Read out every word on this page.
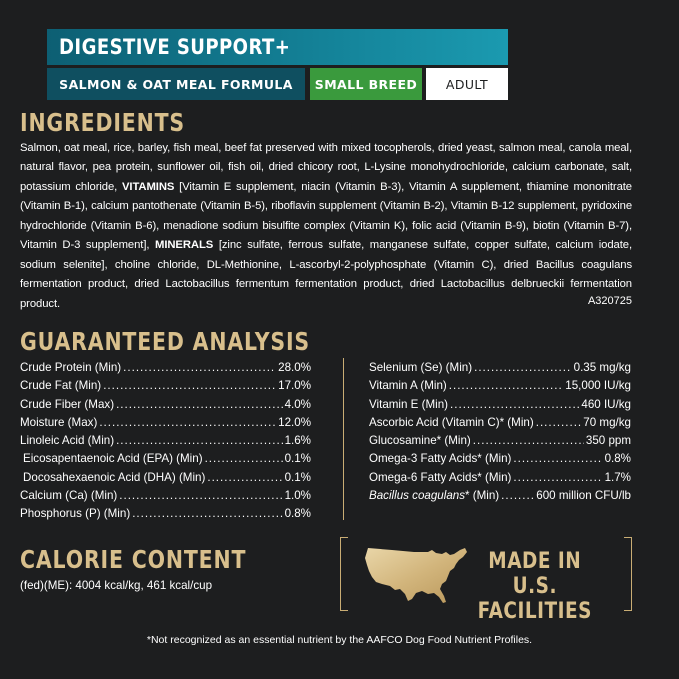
DIGESTIVE SUPPORT+
SALMON & OAT MEAL FORMULA	SMALL BREED	ADULT
INGREDIENTS
Salmon, oat meal, rice, barley, fish meal, beef fat preserved with mixed tocopherols, dried yeast, salmon meal, canola meal, natural flavor, pea protein, sunflower oil, fish oil, dried chicory root, L-Lysine monohydrochloride, calcium carbonate, salt, potassium chloride, VITAMINS [Vitamin E supplement, niacin (Vitamin B-3), Vitamin A supplement, thiamine mononitrate (Vitamin B-1), calcium pantothenate (Vitamin B-5), riboflavin supplement (Vitamin B-2), Vitamin B-12 supplement, pyridoxine hydrochloride (Vitamin B-6), menadione sodium bisulfite complex (Vitamin K), folic acid (Vitamin B-9), biotin (Vitamin B-7), Vitamin D-3 supplement], MINERALS [zinc sulfate, ferrous sulfate, manganese sulfate, copper sulfate, calcium iodate, sodium selenite], choline chloride, DL-Methionine, L-ascorbyl-2-polyphosphate (Vitamin C), dried Bacillus coagulans fermentation product, dried Lactobacillus fermentum fermentation product, dried Lactobacillus delbrueckii fermentation product.	A320725
GUARANTEED ANALYSIS
Crude Protein (Min) .....	28.0%
Crude Fat (Min) .....	17.0%
Crude Fiber (Max) .....	4.0%
Moisture (Max) .....	12.0%
Linoleic Acid (Min) .....	1.6%
Eicosapentaenoic Acid (EPA) (Min) .....	0.1%
Docosahexaenoic Acid (DHA) (Min) .....	0.1%
Calcium (Ca) (Min) .....	1.0%
Phosphorus (P) (Min) .....	0.8%
Selenium (Se) (Min) .....	0.35 mg/kg
Vitamin A (Min) .....	15,000 IU/kg
Vitamin E (Min) .....	460 IU/kg
Ascorbic Acid (Vitamin C)* (Min) .....	70 mg/kg
Glucosamine* (Min) .....	350 ppm
Omega-3 Fatty Acids* (Min) .....	0.8%
Omega-6 Fatty Acids* (Min) .....	1.7%
Bacillus coagulans* (Min) .....	600 million CFU/lb
CALORIE CONTENT
(fed)(ME): 4004 kcal/kg, 461 kcal/cup
MADE IN U.S.
FACILITIES
*Not recognized as an essential nutrient by the AAFCO Dog Food Nutrient Profiles.
